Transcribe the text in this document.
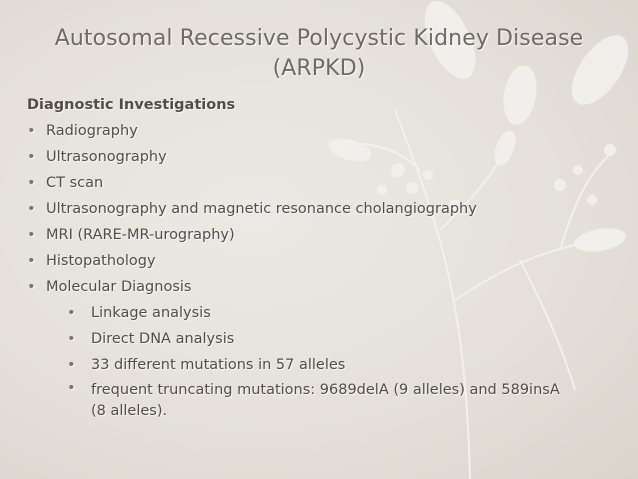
Autosomal Recessive Polycystic Kidney Disease
(ARPKD)
Diagnostic Investigations
• Radiography
• Ultrasonography
• CT scan
• Ultrasonography and magnetic resonance cholangiography
• MRI (RARE-MR-urography)
• Histopathology
• Molecular Diagnosis
• Linkage analysis
• Direct DNA analysis
• 33 different mutations in 57 alleles
• frequent truncating mutations: 9689delA (9 alleles) and 589insA (8 alleles).
